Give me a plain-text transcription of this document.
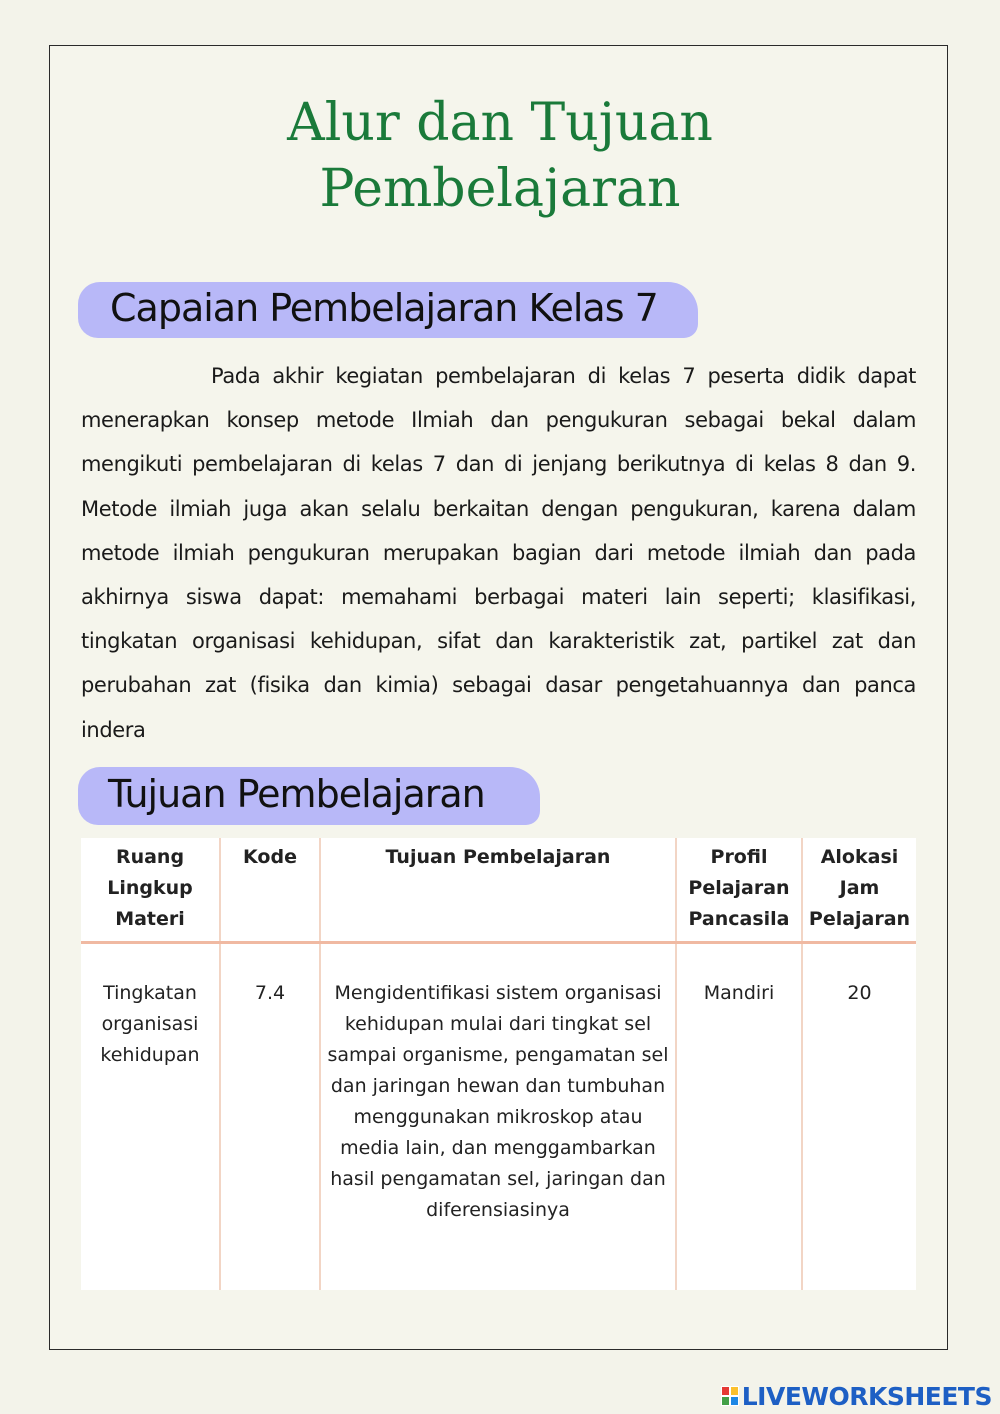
Alur dan Tujuan
Pembelajaran
Capaian Pembelajaran Kelas 7
Pada akhir kegiatan pembelajaran di kelas 7 peserta didik dapat menerapkan konsep metode Ilmiah dan pengukuran sebagai bekal dalam mengikuti pembelajaran di kelas 7 dan di jenjang berikutnya di kelas 8 dan 9. Metode ilmiah juga akan selalu berkaitan dengan pengukuran, karena dalam metode ilmiah pengukuran merupakan bagian dari metode ilmiah dan pada akhirnya siswa dapat: memahami berbagai materi lain seperti; klasifikasi, tingkatan organisasi kehidupan, sifat dan karakteristik zat, partikel zat dan perubahan zat (fisika dan kimia) sebagai dasar pengetahuannya dan panca indera
Tujuan Pembelajaran
Ruang Lingkup Materi	Kode	Tujuan Pembelajaran	Profil Pelajaran Pancasila	Alokasi Jam Pelajaran
Tingkatan organisasi kehidupan	7.4	Mengidentifikasi sistem organisasi kehidupan mulai dari tingkat sel sampai organisme, pengamatan sel dan jaringan hewan dan tumbuhan menggunakan mikroskop atau media lain, dan menggambarkan hasil pengamatan sel, jaringan dan diferensiasinya	Mandiri	20
LIVEWORKSHEETS
